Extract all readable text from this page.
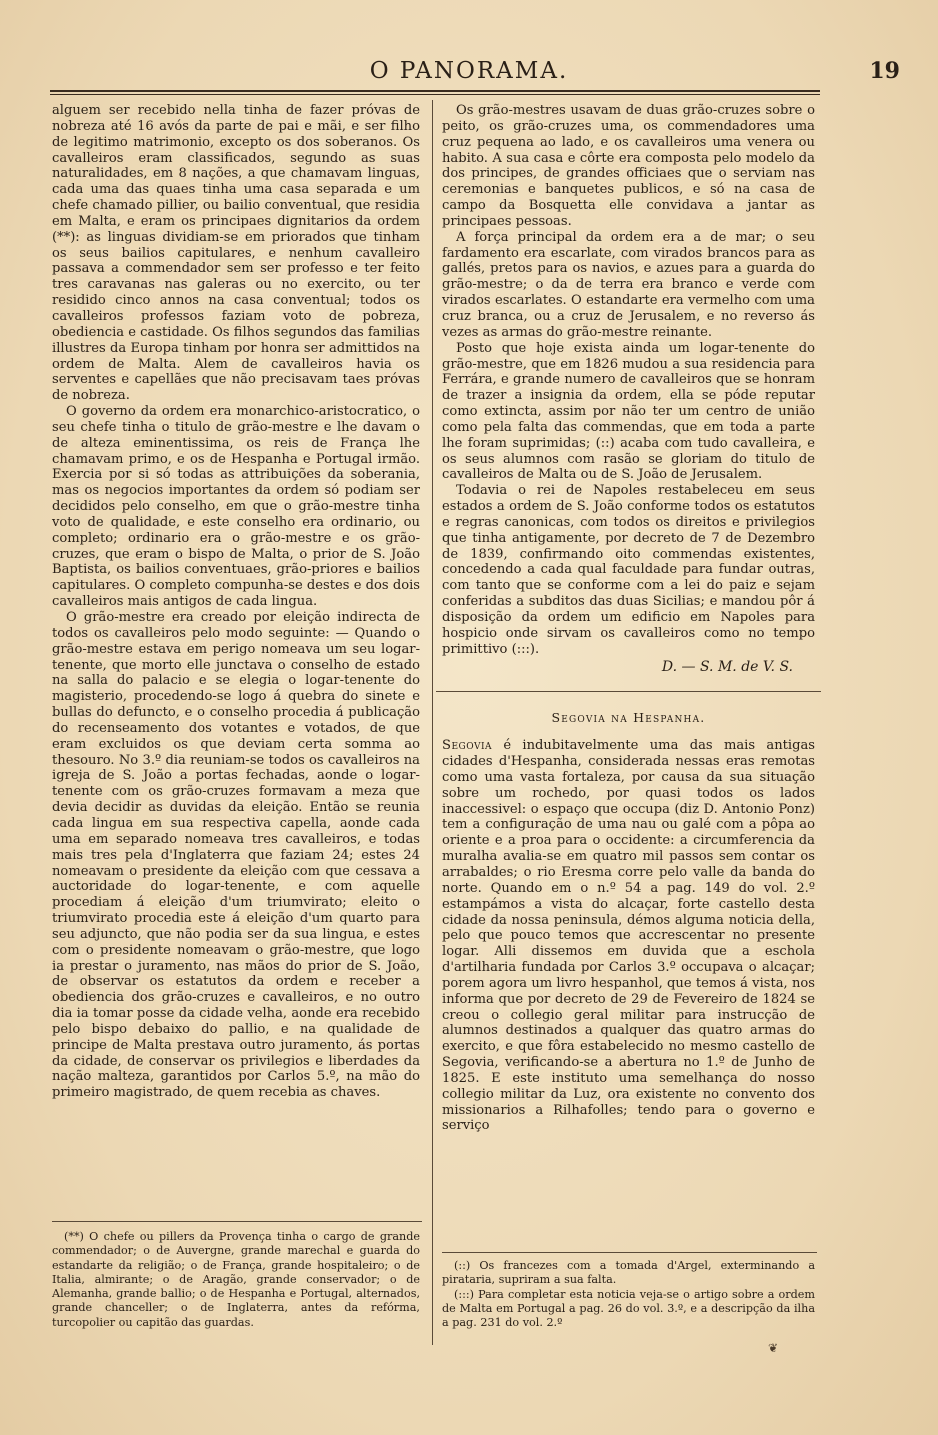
O PANORAMA.	19

alguem ser recebido nella tinha de fazer próvas de nobreza até 16 avós da parte de pai e mãi, e ser filho de legitimo matrimonio, excepto os dos soberanos. Os cavalleiros eram classificados, segundo as suas naturalidades, em 8 nações, a que chamavam linguas, cada uma das quaes tinha uma casa separada e um chefe chamado pillier, ou bailio conventual, que residia em Malta, e eram os principaes dignitarios da ordem (**): as linguas dividiam-se em priorados que tinham os seus bailios capitulares, e nenhum cavalleiro passava a commendador sem ser professo e ter feito tres caravanas nas galeras ou no exercito, ou ter residido cinco annos na casa conventual; todos os cavalleiros professos faziam voto de pobreza, obediencia e castidade. Os filhos segundos das familias illustres da Europa tinham por honra ser admittidos na ordem de Malta. Alem de cavalleiros havia os serventes e capellães que não precisavam taes próvas de nobreza.

O governo da ordem era monarchico-aristocratico, o seu chefe tinha o titulo de grão-mestre e lhe davam o de alteza eminentissima, os reis de França lhe chamavam primo, e os de Hespanha e Portugal irmão. Exercia por si só todas as attribuições da soberania, mas os negocios importantes da ordem só podiam ser decididos pelo conselho, em que o grão-mestre tinha voto de qualidade, e este conselho era ordinario, ou completo; ordinario era o grão-mestre e os grão-cruzes, que eram o bispo de Malta, o prior de S. João Baptista, os bailios conventuaes, grão-priores e bailios capitulares. O completo compunha-se destes e dos dois cavalleiros mais antigos de cada lingua.

O grão-mestre era creado por eleição indirecta de todos os cavalleiros pelo modo seguinte: — Quando o grão-mestre estava em perigo nomeava um seu logar-tenente, que morto elle junctava o conselho de estado na salla do palacio e se elegia o logar-tenente do magisterio, procedendo-se logo á quebra do sinete e bullas do defuncto, e o conselho procedia á publicação do recenseamento dos votantes e votados, de que eram excluidos os que deviam certa somma ao thesouro. No 3.º dia reuniam-se todos os cavalleiros na igreja de S. João a portas fechadas, aonde o logar-tenente com os grão-cruzes formavam a meza que devia decidir as duvidas da eleição. Então se reunia cada lingua em sua respectiva capella, aonde cada uma em separado nomeava tres cavalleiros, e todas mais tres pela d'Inglaterra que faziam 24; estes 24 nomeavam o presidente da eleição com que cessava a auctoridade do logar-tenente, e com aquelle procediam á eleição d'um triumvirato; eleito o triumvirato procedia este á eleição d'um quarto para seu adjuncto, que não podia ser da sua lingua, e estes com o presidente nomeavam o grão-mestre, que logo ia prestar o juramento, nas mãos do prior de S. João, de observar os estatutos da ordem e receber a obediencia dos grão-cruzes e cavalleiros, e no outro dia ia tomar posse da cidade velha, aonde era recebido pelo bispo debaixo do pallio, e na qualidade de principe de Malta prestava outro juramento, ás portas da cidade, de conservar os privilegios e liberdades da nação malteza, garantidos por Carlos 5.º, na mão do primeiro magistrado, de quem recebia as chaves.

(**) O chefe ou pillers da Provença tinha o cargo de grande commendador; o de Auvergne, grande marechal e guarda do estandarte da religião; o de França, grande hospitaleiro; o de Italia, almirante; o de Aragão, grande conservador; o de Alemanha, grande ballio; o de Hespanha e Portugal, alternados, grande chanceller; o de Inglaterra, antes da refórma, turcopolier ou capitão das guardas.

Os grão-mestres usavam de duas grão-cruzes sobre o peito, os grão-cruzes uma, os commendadores uma cruz pequena ao lado, e os cavalleiros uma venera ou habito. A sua casa e côrte era composta pelo modelo da dos principes, de grandes officiaes que o serviam nas ceremonias e banquetes publicos, e só na casa de campo da Bosquetta elle convidava a jantar as principaes pessoas.

A força principal da ordem era a de mar; o seu fardamento era escarlate, com virados brancos para as gallés, pretos para os navios, e azues para a guarda do grão-mestre; o da de terra era branco e verde com virados escarlates. O estandarte era vermelho com uma cruz branca, ou a cruz de Jerusalem, e no reverso ás vezes as armas do grão-mestre reinante.

Posto que hoje exista ainda um logar-tenente do grão-mestre, que em 1826 mudou a sua residencia para Ferrára, e grande numero de cavalleiros que se honram de trazer a insignia da ordem, ella se póde reputar como extincta, assim por não ter um centro de união como pela falta das commendas, que em toda a parte lhe foram suprimidas; (::) acaba com tudo cavalleira, e os seus alumnos com rasão se gloriam do titulo de cavalleiros de Malta ou de S. João de Jerusalem.

Todavia o rei de Napoles restabeleceu em seus estados a ordem de S. João conforme todos os estatutos e regras canonicas, com todos os direitos e privilegios que tinha antigamente, por decreto de 7 de Dezembro de 1839, confirmando oito commendas existentes, concedendo a cada qual faculdade para fundar outras, com tanto que se conforme com a lei do paiz e sejam conferidas a subditos das duas Sicilias; e mandou pôr á disposição da ordem um edificio em Napoles para hospicio onde sirvam os cavalleiros como no tempo primittivo (:::).

D. — S. M. de V. S.
Segovia na Hespanha.

Segovia é indubitavelmente uma das mais antigas cidades d'Hespanha, considerada nessas eras remotas como uma vasta fortaleza, por causa da sua situação sobre um rochedo, por quasi todos os lados inaccessivel: o espaço que occupa (diz D. Antonio Ponz) tem a configuração de uma nau ou galé com a pôpa ao oriente e a proa para o occidente: a circumferencia da muralha avalia-se em quatro mil passos sem contar os arrabaldes; o rio Eresma corre pelo valle da banda do norte. Quando em o n.º 54 a pag. 149 do vol. 2.º estampámos a vista do alcaçar, forte castello desta cidade da nossa peninsula, démos alguma noticia della, pelo que pouco temos que accrescentar no presente logar. Alli dissemos em duvida que a eschola d'artilharia fundada por Carlos 3.º occupava o alcaçar; porem agora um livro hespanhol, que temos á vista, nos informa que por decreto de 29 de Fevereiro de 1824 se creou o collegio geral militar para instrucção de alumnos destinados a qualquer das quatro armas do exercito, e que fôra estabelecido no mesmo castello de Segovia, verificando-se a abertura no 1.º de Junho de 1825. E este instituto uma semelhança do nosso collegio militar da Luz, ora existente no convento dos missionarios a Rilhafolles; tendo para o governo e serviço

(::) Os francezes com a tomada d'Argel, exterminando a pirataria, supriram a sua falta.

(:::) Para completar esta noticia veja-se o artigo sobre a ordem de Malta em Portugal a pag. 26 do vol. 3.º, e a descripção da ilha a pag. 231 do vol. 2.º

❦
